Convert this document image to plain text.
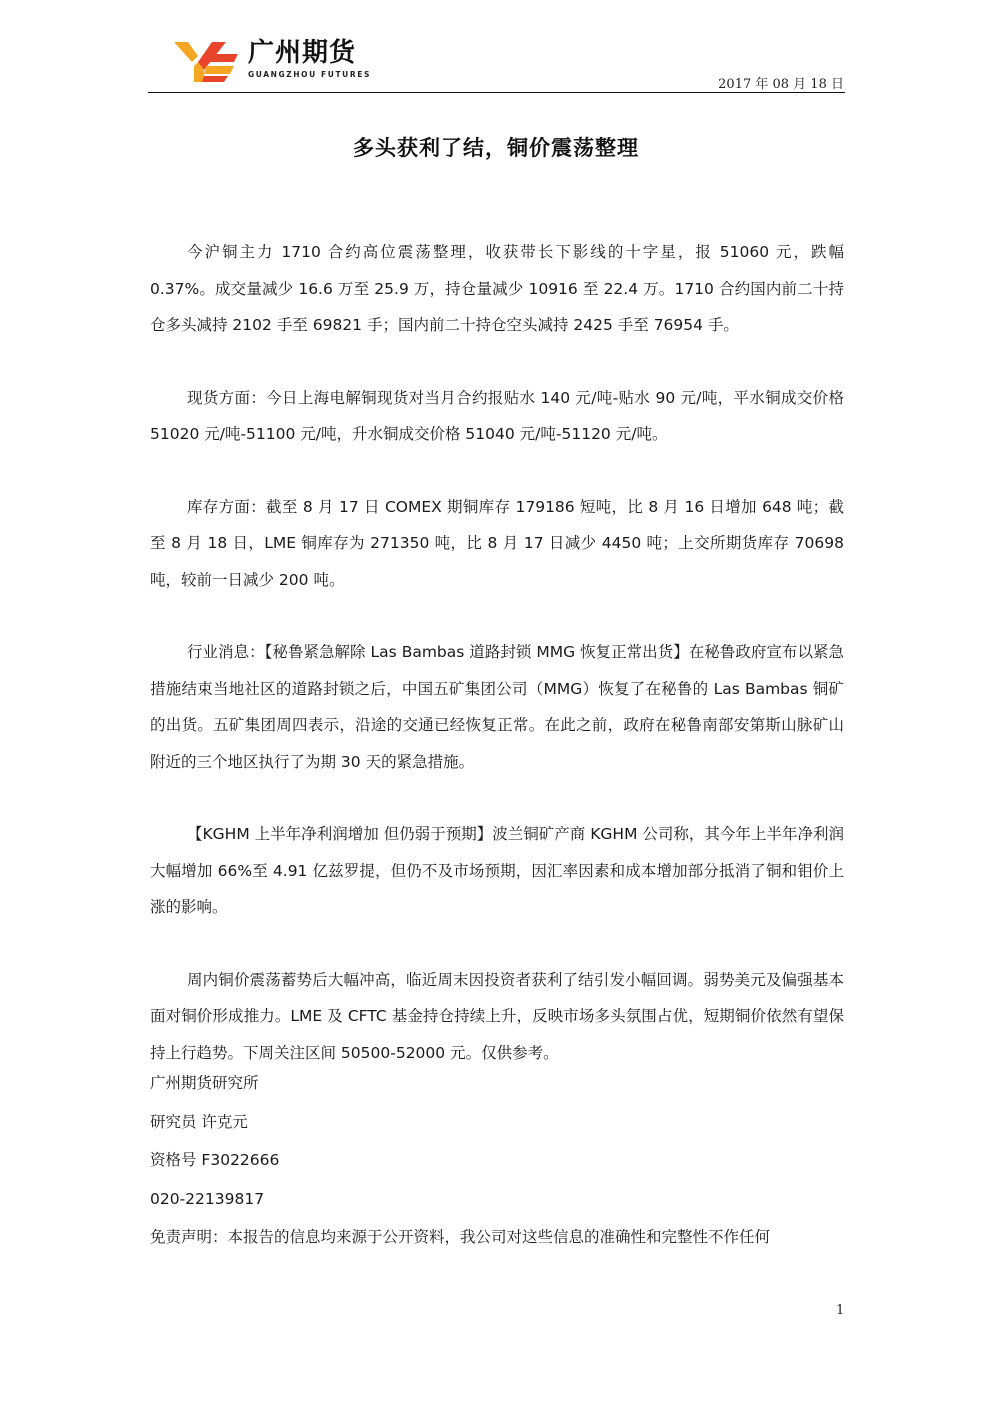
广州期货
GUANGZHOU FUTURES
2017 年 08 月 18 日
多头获利了结，铜价震荡整理

今沪铜主力 1710 合约高位震荡整理，收获带长下影线的十字星，报 51060 元，跌幅 0.37%。成交量减少 16.6 万至 25.9 万，持仓量减少 10916 至 22.4 万。1710 合约国内前二十持仓多头减持 2102 手至 69821 手；国内前二十持仓空头减持 2425 手至 76954 手。

现货方面：今日上海电解铜现货对当月合约报贴水 140 元/吨-贴水 90 元/吨，平水铜成交价格 51020 元/吨-51100 元/吨，升水铜成交价格 51040 元/吨-51120 元/吨。

库存方面：截至 8 月 17 日 COMEX 期铜库存 179186 短吨，比 8 月 16 日增加 648 吨；截至 8 月 18 日，LME 铜库存为 271350 吨，比 8 月 17 日减少 4450 吨；上交所期货库存 70698 吨，较前一日减少 200 吨。

行业消息：【秘鲁紧急解除 Las Bambas 道路封锁 MMG 恢复正常出货】在秘鲁政府宣布以紧急措施结束当地社区的道路封锁之后，中国五矿集团公司（MMG）恢复了在秘鲁的 Las Bambas 铜矿的出货。五矿集团周四表示，沿途的交通已经恢复正常。在此之前，政府在秘鲁南部安第斯山脉矿山附近的三个地区执行了为期 30 天的紧急措施。

【KGHM 上半年净利润增加 但仍弱于预期】波兰铜矿产商 KGHM 公司称，其今年上半年净利润大幅增加 66%至 4.91 亿兹罗提，但仍不及市场预期，因汇率因素和成本增加部分抵消了铜和钼价上涨的影响。

周内铜价震荡蓄势后大幅冲高，临近周末因投资者获利了结引发小幅回调。弱势美元及偏强基本面对铜价形成推力。LME 及 CFTC 基金持仓持续上升，反映市场多头氛围占优，短期铜价依然有望保持上行趋势。下周关注区间 50500-52000 元。仅供参考。

广州期货研究所
研究员 许克元
资格号 F3022666
020-22139817
免责声明：本报告的信息均来源于公开资料，我公司对这些信息的准确性和完整性不作任何
1
